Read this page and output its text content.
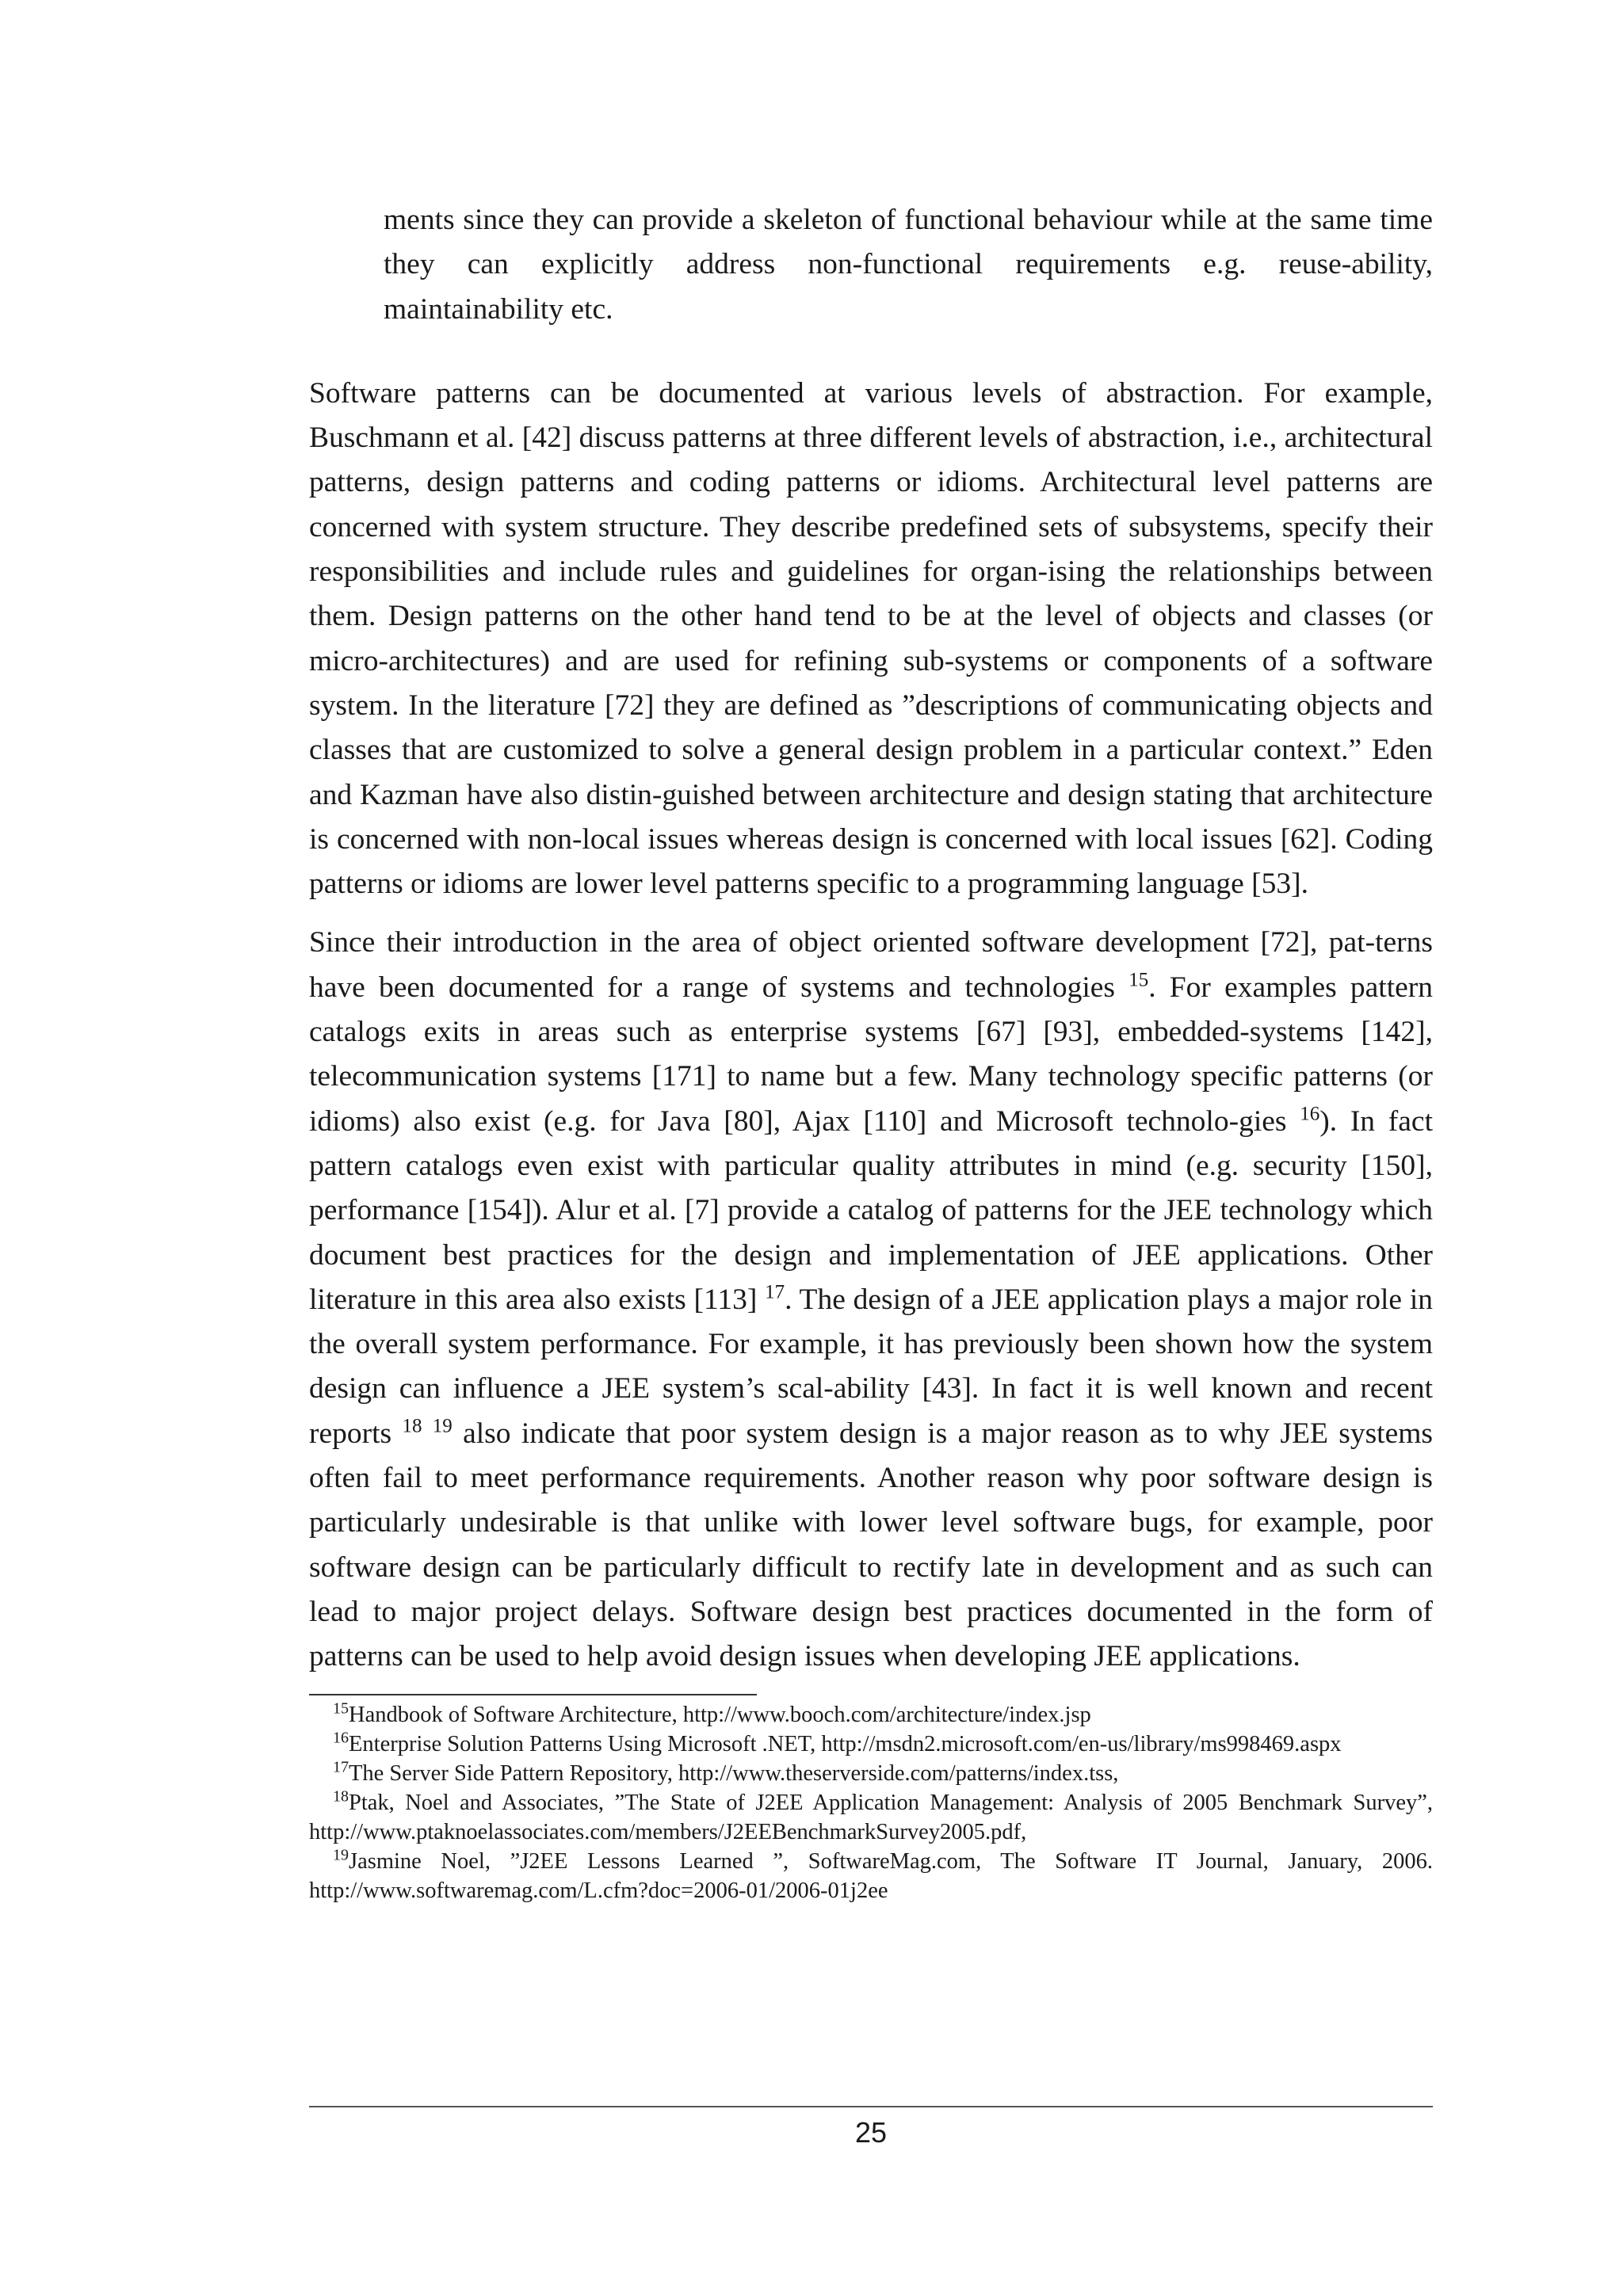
ments since they can provide a skeleton of functional behaviour while at the same time they can explicitly address non-functional requirements e.g. reuse-ability, maintainability etc.

Software patterns can be documented at various levels of abstraction. For example, Buschmann et al. [42] discuss patterns at three different levels of abstraction, i.e., architectural patterns, design patterns and coding patterns or idioms. Architectural level patterns are concerned with system structure. They describe predefined sets of subsystems, specify their responsibilities and include rules and guidelines for organ-ising the relationships between them. Design patterns on the other hand tend to be at the level of objects and classes (or micro-architectures) and are used for refining sub-systems or components of a software system. In the literature [72] they are defined as ”descriptions of communicating objects and classes that are customized to solve a general design problem in a particular context.” Eden and Kazman have also distin-guished between architecture and design stating that architecture is concerned with non-local issues whereas design is concerned with local issues [62]. Coding patterns or idioms are lower level patterns specific to a programming language [53].

Since their introduction in the area of object oriented software development [72], pat-terns have been documented for a range of systems and technologies $^{15}$. For examples pattern catalogs exits in areas such as enterprise systems [67] [93], embedded-systems [142], telecommunication systems [171] to name but a few. Many technology specific patterns (or idioms) also exist (e.g. for Java [80], Ajax [110] and Microsoft technolo-gies $^{16}$). In fact pattern catalogs even exist with particular quality attributes in mind (e.g. security [150], performance [154]). Alur et al. [7] provide a catalog of patterns for the JEE technology which document best practices for the design and implementation of JEE applications. Other literature in this area also exists [113] $^{17}$. The design of a JEE application plays a major role in the overall system performance. For example, it has previously been shown how the system design can influence a JEE system’s scal-ability [43]. In fact it is well known and recent reports $^{18}$ $^{19}$ also indicate that poor system design is a major reason as to why JEE systems often fail to meet performance requirements. Another reason why poor software design is particularly undesirable is that unlike with lower level software bugs, for example, poor software design can be particularly difficult to rectify late in development and as such can lead to major project delays. Software design best practices documented in the form of patterns can be used to help avoid design issues when developing JEE applications.

$^{15}$Handbook of Software Architecture, http://www.booch.com/architecture/index.jsp

$^{16}$Enterprise Solution Patterns Using Microsoft .NET, http://msdn2.microsoft.com/en-us/library/ms998469.aspx

$^{17}$The Server Side Pattern Repository, http://www.theserverside.com/patterns/index.tss,

$^{18}$Ptak, Noel and Associates, ”The State of J2EE Application Management: Analysis of 2005 Benchmark Survey”, http://www.ptaknoelassociates.com/members/J2EEBenchmarkSurvey2005.pdf,

$^{19}$Jasmine Noel, ”J2EE Lessons Learned ”, SoftwareMag.com, The Software IT Journal, January, 2006. http://www.softwaremag.com/L.cfm?doc=2006-01/2006-01j2ee

25
